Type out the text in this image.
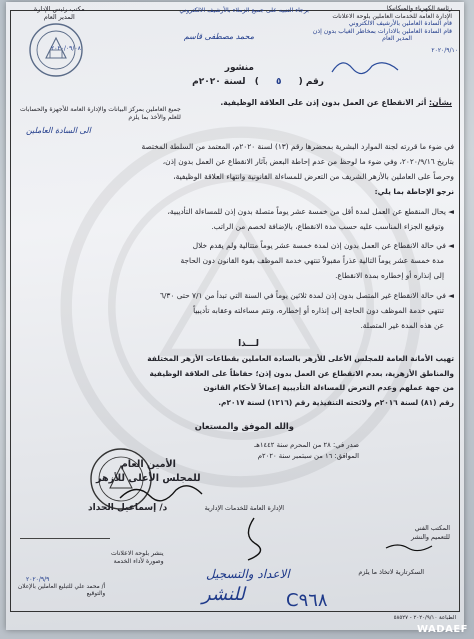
رئاسة الكهرباء والميكانيكا
الإدارة العامة للخدمات العاملين بلوحة الاعلانات
قام السادة العاملين بالأرشيف الالكتروني
قام السادة العاملين بالادارات بمخاطر الغياب بدون إذن
المدير العام
برجاء التنبيه على جميع الزملاء بالأرشيف الالكتروني
مكتب رئيس الإدارة
المدير العام
٢٠٢٠/٠٩/٠٨	٢٠٢٠/٩/١٠
محمد مصطفى قاسم
منشور
رقم ( ٥ ) لسنة ٢٠٢٠م
بشأن: أثر الانقطاع عن العمل بدون إذن على العلاقة الوظيفية.
جميع العاملين بمركز البيانات والإدارة العامة للأجهزة والحسابات
للعلم والأخذ بما يلزم
الى السادة العاملين
في ضوء ما قررته لجنة الموارد البشرية بمحضرها رقم (١٣) لسنة ٢٠٢٠م، المعتمد من السلطة المختصة
بتاريخ ٢٠٢٠/٩/١٦، وفي ضوء ما لوحظ من عدم إحاطة البعض بآثار الانقطاع عن العمل بدون إذن،
وحرصاً على العاملين بالأزهر الشريف من التعرض للمساءلة القانونية وانتهاء العلاقة الوظيفية،
نرجو الإحاطة بما يلي:
◄ يحال المنقطع عن العمل لمدة أقل من خمسة عشر يوماً متصلة بدون إذن للمساءلة التأديبية،
وتوقيع الجزاء المناسب عليه حسب مدة الانقطاع، بالإضافة لخصم من الراتب.
◄ في حالة الانقطاع عن العمل بدون إذن لمدة خمسة عشر يوماً متتالية ولم يقدم خلال
مدة خمسة عشر يوماً التالية عذراً مقبولاً تنتهي خدمة الموظف بقوة القانون دون الحاجة
إلى إنذاره أو إخطاره بمدة الانقطاع.
◄ في حالة الانقطاع غير المتصل بدون إذن لمدة ثلاثين يوماً في السنة التي تبدأ من ٧/١ حتى ٦/٣٠
تنتهي خدمة الموظف دون الحاجة إلى إنذاره أو إخطاره، وتتم مساءلته وعقابه تأديبياً
عن هذه المدة غير المتصلة.
لـــذا
تهيب الأمانة العامة للمجلس الأعلى للأزهر بالسادة العاملين بقطاعات الأزهر المختلفة
والمناطق الأزهرية، بعدم الانقطاع عن العمل بدون إذن؛ حفاظاً على العلاقة الوظيفية
من جهة عملهم وعدم التعرض للمساءلة التأديبية إعمالاً لأحكام القانون
رقم (٨١) لسنة ٢٠١٦م ولائحته التنفيذية رقم (١٢١٦) لسنة ٢٠١٧م.
والله الموفق والمستعان
الأمين العام
للمجلس الأعلى للأزهر
د/ إسماعيل الحداد
صدر في: ٢٨ من المحرم سنة ١٤٤٢هـ
الموافق: ١٦ من سبتمبر سنة ٢٠٢٠م
الإدارة العامة للخدمات الإدارية
المكتب الفني
للتعميم والنشر
ينشر بلوحة الاعلانات
وصورة لأداء الخدمة
السكرتارية لاتخاذ ما يلزم
٢٠٢٠/٩/٩
أ/ محمد علي للتبليغ العاملين بالإعلان
والتوقيع
الاعداد والتسجيل
للنشر C٩٦٨
الطباعة ٢٠٢٠/٩/١٠ - ٥٨٥٢٧
WADAEF
